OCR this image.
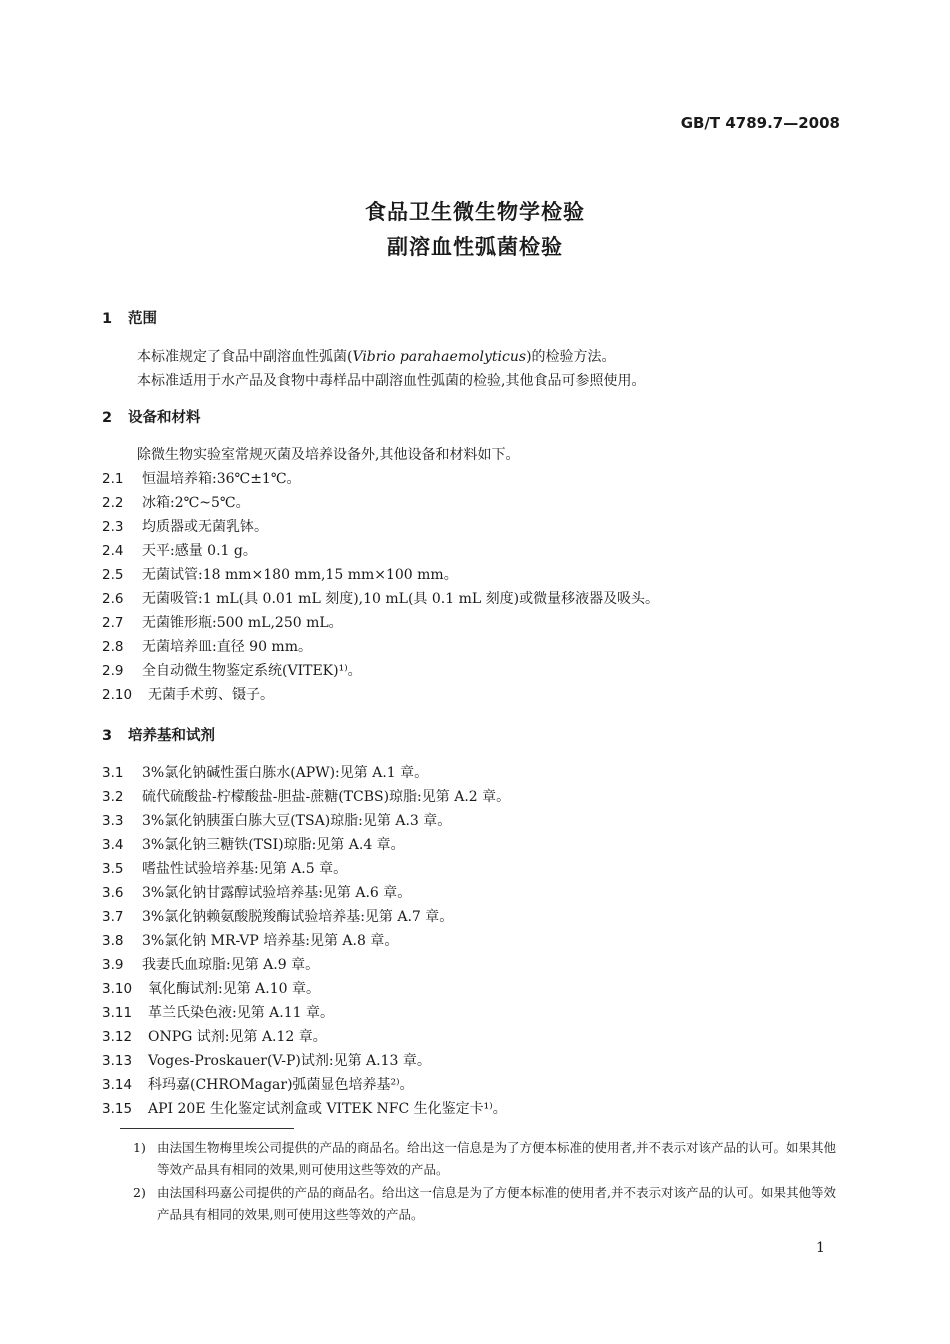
GB/T 4789.7—2008
食品卫生微生物学检验
副溶血性弧菌检验
1 范围
本标准规定了食品中副溶血性弧菌(Vibrio parahaemolyticus)的检验方法。
本标准适用于水产品及食物中毒样品中副溶血性弧菌的检验,其他食品可参照使用。
2 设备和材料
除微生物实验室常规灭菌及培养设备外,其他设备和材料如下。
2.1 恒温培养箱:36℃±1℃。
2.2 冰箱:2℃~5℃。
2.3 均质器或无菌乳钵。
2.4 天平:感量 0.1 g。
2.5 无菌试管:18 mm×180 mm,15 mm×100 mm。
2.6 无菌吸管:1 mL(具 0.01 mL 刻度),10 mL(具 0.1 mL 刻度)或微量移液器及吸头。
2.7 无菌锥形瓶:500 mL,250 mL。
2.8 无菌培养皿:直径 90 mm。
2.9 全自动微生物鉴定系统(VITEK)¹⁾。
2.10 无菌手术剪、镊子。
3 培养基和试剂
3.1 3%氯化钠碱性蛋白胨水(APW):见第 A.1 章。
3.2 硫代硫酸盐-柠檬酸盐-胆盐-蔗糖(TCBS)琼脂:见第 A.2 章。
3.3 3%氯化钠胰蛋白胨大豆(TSA)琼脂:见第 A.3 章。
3.4 3%氯化钠三糖铁(TSI)琼脂:见第 A.4 章。
3.5 嗜盐性试验培养基:见第 A.5 章。
3.6 3%氯化钠甘露醇试验培养基:见第 A.6 章。
3.7 3%氯化钠赖氨酸脱羧酶试验培养基:见第 A.7 章。
3.8 3%氯化钠 MR-VP 培养基:见第 A.8 章。
3.9 我妻氏血琼脂:见第 A.9 章。
3.10 氧化酶试剂:见第 A.10 章。
3.11 革兰氏染色液:见第 A.11 章。
3.12 ONPG 试剂:见第 A.12 章。
3.13 Voges-Proskauer(V-P)试剂:见第 A.13 章。
3.14 科玛嘉(CHROMagar)弧菌显色培养基²⁾。
3.15 API 20E 生化鉴定试剂盒或 VITEK NFC 生化鉴定卡¹⁾。
1) 由法国生物梅里埃公司提供的产品的商品名。给出这一信息是为了方便本标准的使用者,并不表示对该产品的认可。如果其他等效产品具有相同的效果,则可使用这些等效的产品。
2) 由法国科玛嘉公司提供的产品的商品名。给出这一信息是为了方便本标准的使用者,并不表示对该产品的认可。如果其他等效产品具有相同的效果,则可使用这些等效的产品。
1
